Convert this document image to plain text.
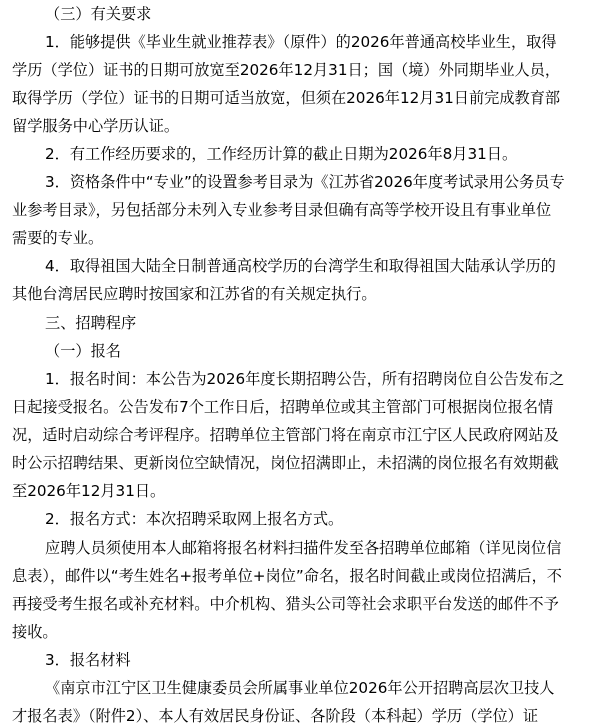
（三）有关要求
1．能够提供《毕业生就业推荐表》（原件）的2026年普通高校毕业生，取得
学历（学位）证书的日期可放宽至2026年12月31日；国（境）外同期毕业人员，
取得学历（学位）证书的日期可适当放宽，但须在2026年12月31日前完成教育部
留学服务中心学历认证。
2．有工作经历要求的，工作经历计算的截止日期为2026年8月31日。
3．资格条件中“专业”的设置参考目录为《江苏省2026年度考试录用公务员专
业参考目录》，另包括部分未列入专业参考目录但确有高等学校开设且有事业单位
需要的专业。
4．取得祖国大陆全日制普通高校学历的台湾学生和取得祖国大陆承认学历的
其他台湾居民应聘时按国家和江苏省的有关规定执行。
三、招聘程序
（一）报名
1．报名时间：本公告为2026年度长期招聘公告，所有招聘岗位自公告发布之
日起接受报名。公告发布7个工作日后，招聘单位或其主管部门可根据岗位报名情
况，适时启动综合考评程序。招聘单位主管部门将在南京市江宁区人民政府网站及
时公示招聘结果、更新岗位空缺情况，岗位招满即止，未招满的岗位报名有效期截
至2026年12月31日。
2．报名方式：本次招聘采取网上报名方式。
应聘人员须使用本人邮箱将报名材料扫描件发至各招聘单位邮箱（详见岗位信
息表），邮件以“考生姓名+报考单位+岗位”命名，报名时间截止或岗位招满后，不
再接受考生报名或补充材料。中介机构、猎头公司等社会求职平台发送的邮件不予
接收。
3．报名材料
《南京市江宁区卫生健康委员会所属事业单位2026年公开招聘高层次卫技人
才报名表》（附件2）、本人有效居民身份证、各阶段（本科起）学历（学位）证
